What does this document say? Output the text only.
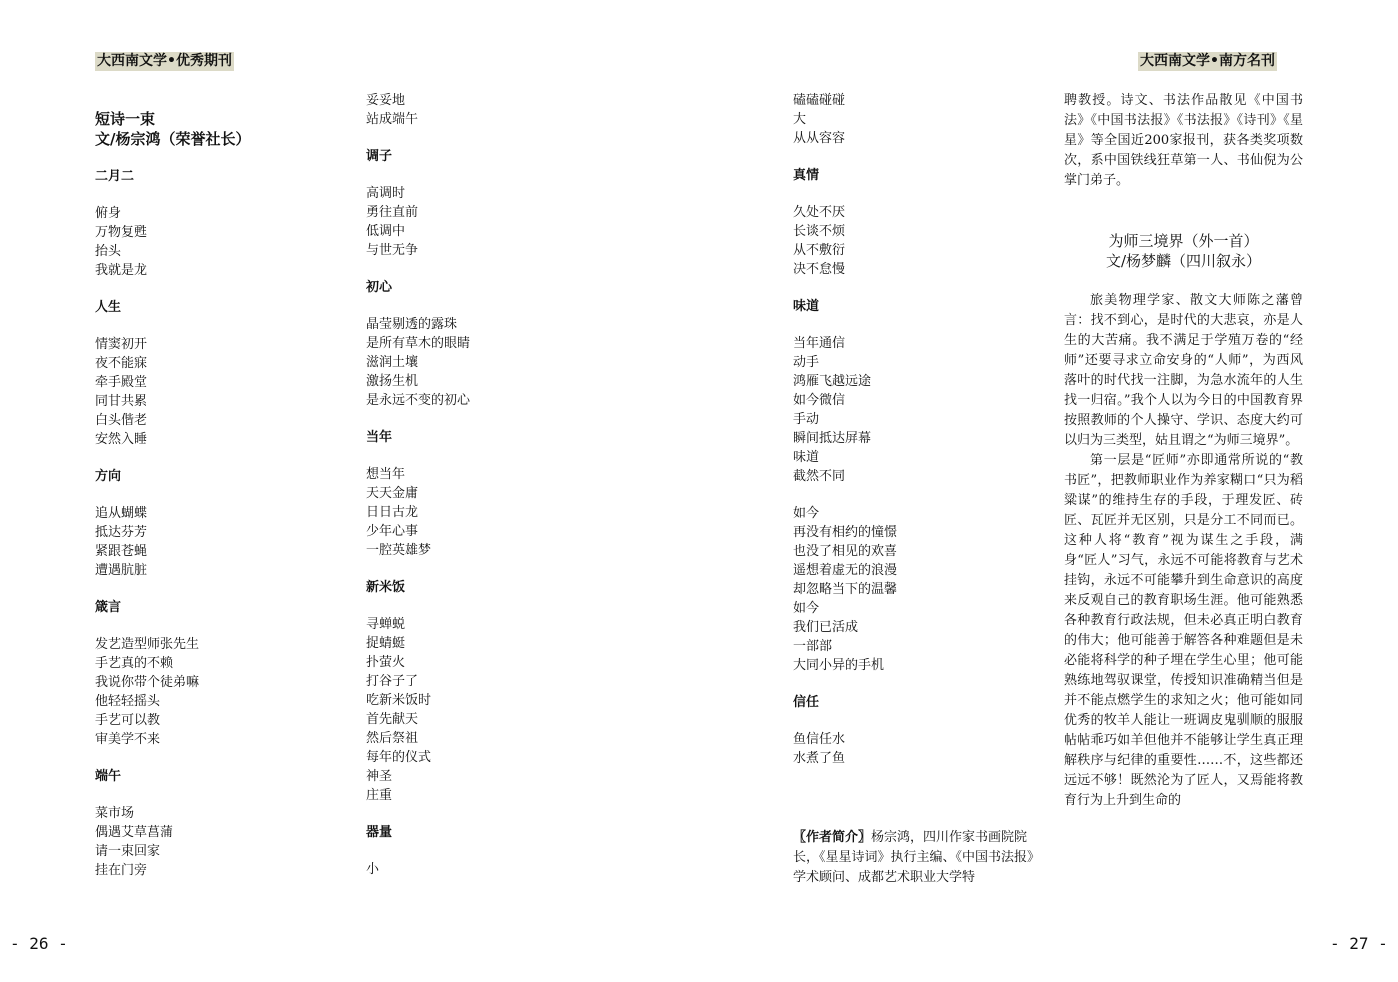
大西南文学•优秀期刊	大西南文学•南方名刊
短诗一束
文/杨宗鸿（荣誉社长）
二月二
俯身
万物复甦
抬头
我就是龙
人生
情窦初开
夜不能寐
牵手殿堂
同甘共累
白头偕老
安然入睡
方向
追从蝴蝶
抵达芬芳
紧跟苍蝇
遭遇肮脏
箴言
发艺造型师张先生
手艺真的不赖
我说你带个徒弟嘛
他轻轻摇头
手艺可以教
审美学不来
端午
菜市场
偶遇艾草菖蒲
请一束回家
挂在门旁
妥妥地
站成端午
调子
高调时
勇往直前
低调中
与世无争
初心
晶莹剔透的露珠
是所有草木的眼睛
滋润土壤
激扬生机
是永远不变的初心
当年
想当年
天天金庸
日日古龙
少年心事
一腔英雄梦
新米饭
寻蝉蜕
捉蜻蜓
扑萤火
打谷子了
吃新米饭时
首先献天
然后祭祖
每年的仪式
神圣
庄重
器量
小
磕磕碰碰
大
从从容容
真情
久处不厌
长谈不烦
从不敷衍
决不怠慢
味道
当年通信
动手
鸿雁飞越远途
如今微信
手动
瞬间抵达屏幕
味道
截然不同
如今
再没有相约的憧憬
也没了相见的欢喜
遥想着虚无的浪漫
却忽略当下的温馨
如今
我们已活成
一部部
大同小异的手机
信任
鱼信任水
水煮了鱼
〖作者简介〗杨宗鸿，四川作家书画院院长，《星星诗词》执行主编、《中国书法报》学术顾问、成都艺术职业大学特

聘教授。诗文、书法作品散见《中国书法》《中国书法报》《书法报》《诗刊》《星星》等全国近200家报刊，获各类奖项数次，系中国铁线狂草第一人、书仙倪为公掌门弟子。

为师三境界（外一首）
文/杨梦麟（四川叙永）

旅美物理学家、散文大师陈之藩曾言：找不到心，是时代的大悲哀，亦是人生的大苦痛。我不满足于学殖万卷的“经师”还要寻求立命安身的“人师”，为西风落叶的时代找一注脚，为急水流年的人生找一归宿。”我个人以为今日的中国教育界按照教师的个人操守、学识、态度大约可以归为三类型，姑且谓之“为师三境界”。

第一层是“匠师”亦即通常所说的“教书匠”，把教师职业作为养家糊口“只为稻粱谋”的维持生存的手段，于理发匠、砖匠、瓦匠并无区别，只是分工不同而已。这种人将“教育”视为谋生之手段，满身“匠人”习气，永远不可能将教育与艺术挂钩，永远不可能攀升到生命意识的高度来反观自己的教育职场生涯。他可能熟悉各种教育行政法规，但未必真正明白教育的伟大；他可能善于解答各种难题但是未必能将科学的种子埋在学生心里；他可能熟练地驾驭课堂，传授知识准确精当但是并不能点燃学生的求知之火；他可能如同优秀的牧羊人能让一班调皮鬼驯顺的服服帖帖乖巧如羊但他并不能够让学生真正理解秩序与纪律的重要性……不，这些都还远远不够！既然沦为了匠人，又焉能将教育行为上升到生命的

- 26 -	- 27 -
